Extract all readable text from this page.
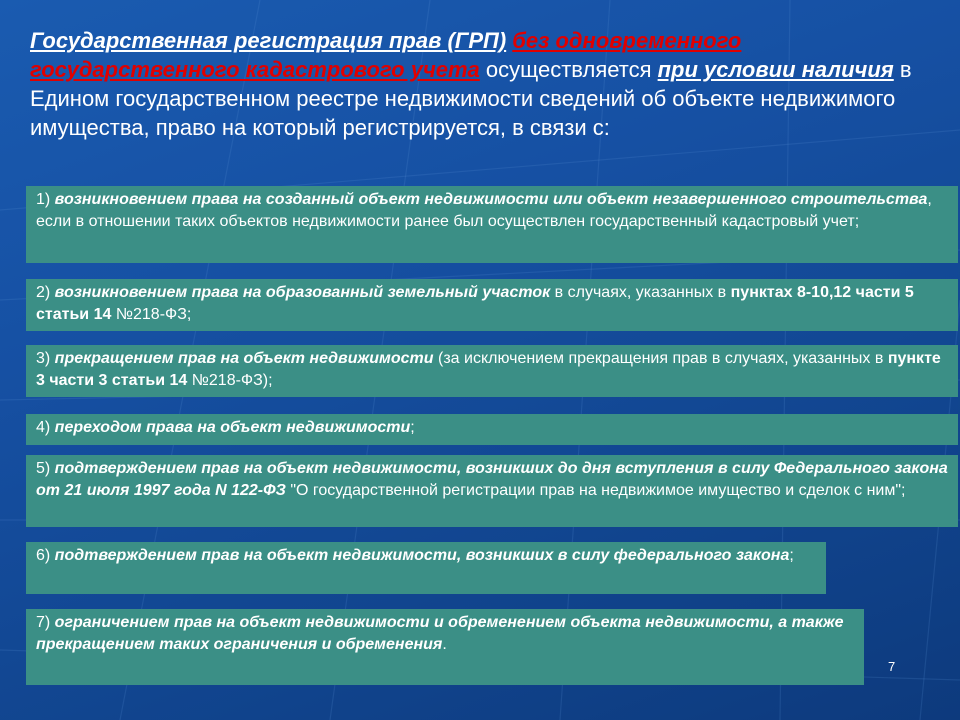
Государственная регистрация прав (ГРП) без одновременного государственного кадастрового учета осуществляется при условии наличия в Едином государственном реестре недвижимости сведений об объекте недвижимого имущества, право на который регистрируется, в связи с:
1) возникновением права на созданный объект недвижимости или объект незавершенного строительства, если в отношении таких объектов недвижимости ранее был осуществлен государственный кадастровый учет;
2) возникновением права на образованный земельный участок в случаях, указанных в пунктах 8-10,12 части 5 статьи 14 №218-ФЗ;
3) прекращением прав на объект недвижимости (за исключением прекращения прав в случаях, указанных в пункте 3 части 3 статьи 14 №218-ФЗ);
4) переходом права на объект недвижимости;
5) подтверждением прав на объект недвижимости, возникших до дня вступления в силу Федерального закона от 21 июля 1997 года N 122-ФЗ "О государственной регистрации прав на недвижимое имущество и сделок с ним";
6) подтверждением прав на объект недвижимости, возникших в силу федерального закона;
7) ограничением прав на объект недвижимости и обременением объекта недвижимости, а также прекращением таких ограничения и обременения.
7
